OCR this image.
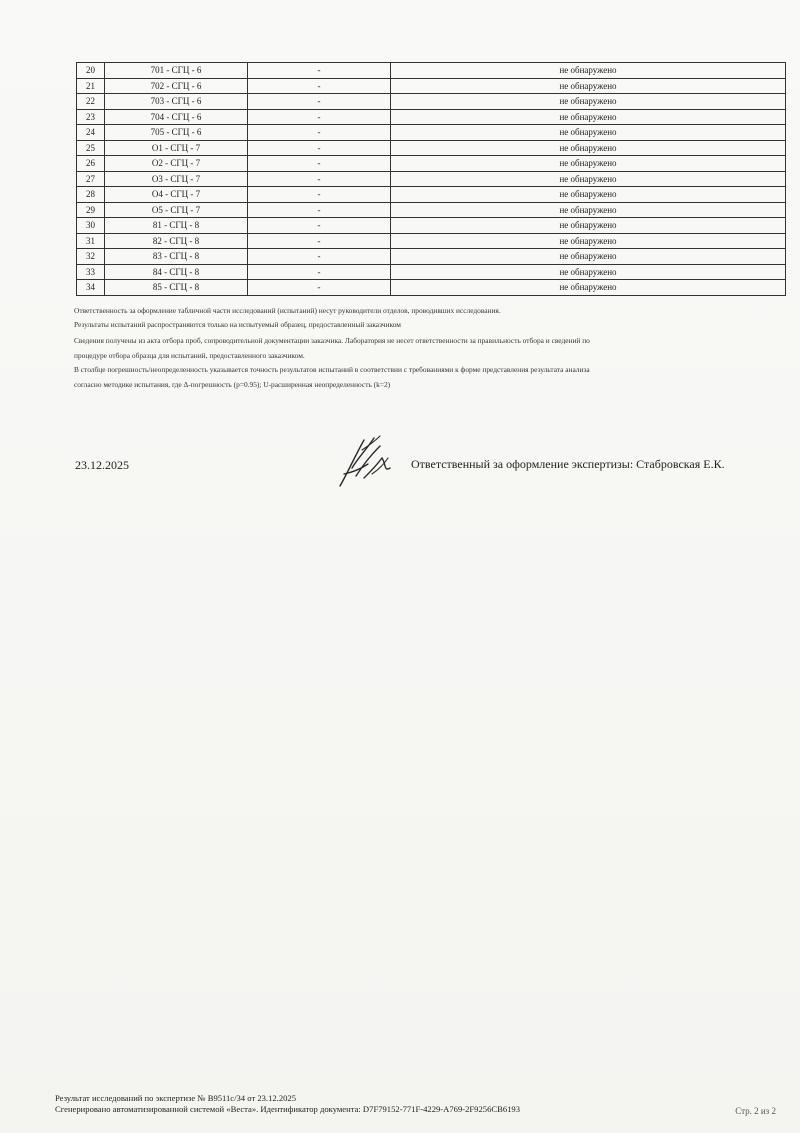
20	701 - СГЦ - 6	-	не обнаружено
21	702 - СГЦ - 6	-	не обнаружено
22	703 - СГЦ - 6	-	не обнаружено
23	704 - СГЦ - 6	-	не обнаружено
24	705 - СГЦ - 6	-	не обнаружено
25	O1 - СГЦ - 7	-	не обнаружено
26	O2 - СГЦ - 7	-	не обнаружено
27	O3 - СГЦ - 7	-	не обнаружено
28	O4 - СГЦ - 7	-	не обнаружено
29	O5 - СГЦ - 7	-	не обнаружено
30	81 - СГЦ - 8	-	не обнаружено
31	82 - СГЦ - 8	-	не обнаружено
32	83 - СГЦ - 8	-	не обнаружено
33	84 - СГЦ - 8	-	не обнаружено
34	85 - СГЦ - 8	-	не обнаружено

Ответственность за оформление табличной части исследований (испытаний) несут руководители отделов, проводивших исследования.

Результаты испытаний распространяются только на испытуемый образец, предоставленный заказчиком

Сведения получены из акта отбора проб, сопроводительной документации заказчика. Лаборатория не несет ответственности за правильность отбора и сведений по

процедуре отбора образца для испытаний, предоставленного заказчиком.

В столбце погрешность/неопределенность указывается точность результатов испытаний в соответствии с требованиями к форме представления результата анализа

согласно методике испытания, где Δ-погрешность (p=0.95); U-расширенная неопределенность (k=2)

23.12.2025	Ответственный за оформление экспертизы: Стабровская Е.К.
Результат исследований по экспертизе № В9511с/34 от 23.12.2025
Сгенерировано автоматизированной системой «Веста». Идентификатор документа: D7F79152-771F-4229-A769-2F9256CB6193	Стр. 2 из 2
